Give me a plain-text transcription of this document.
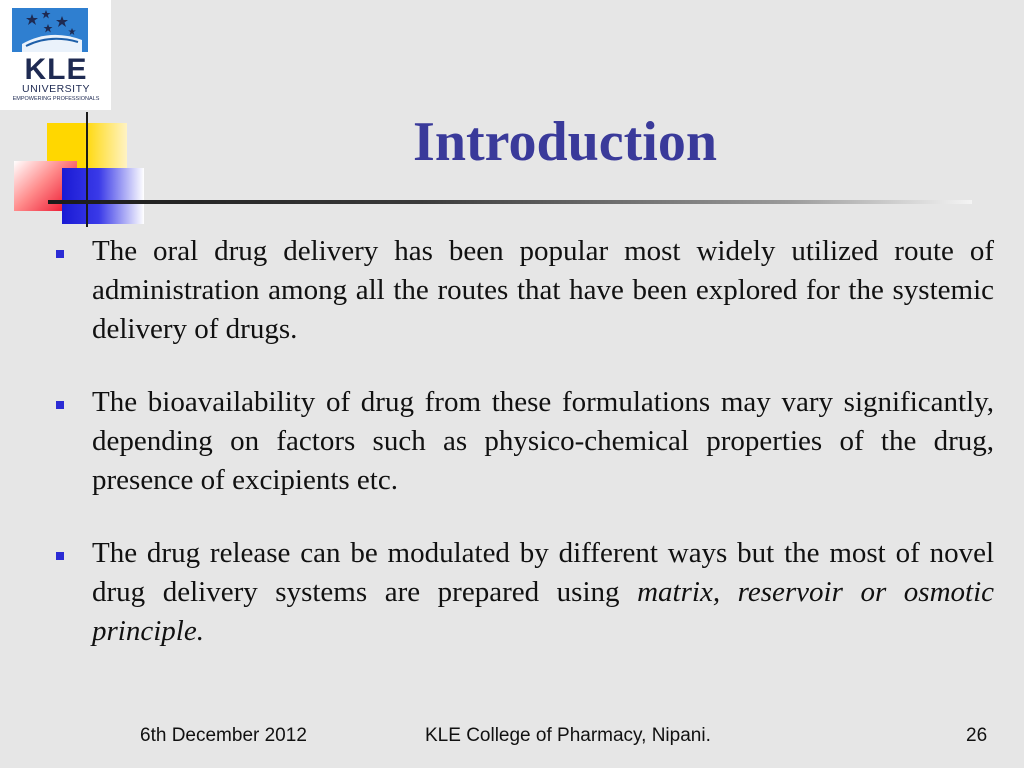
KLE
UNIVERSITY
EMPOWERING PROFESSIONALS
Introduction
The oral drug delivery has been popular most widely utilized route of administration among all the routes that have been explored for the systemic delivery of drugs.
The bioavailability of drug from these formulations may vary significantly, depending on factors such as physico-chemical properties of the drug, presence of excipients etc.
The drug release can be modulated by different ways but the most of novel drug delivery systems are prepared using matrix, reservoir or osmotic principle.
6th December 2012	KLE College of Pharmacy, Nipani.	26
